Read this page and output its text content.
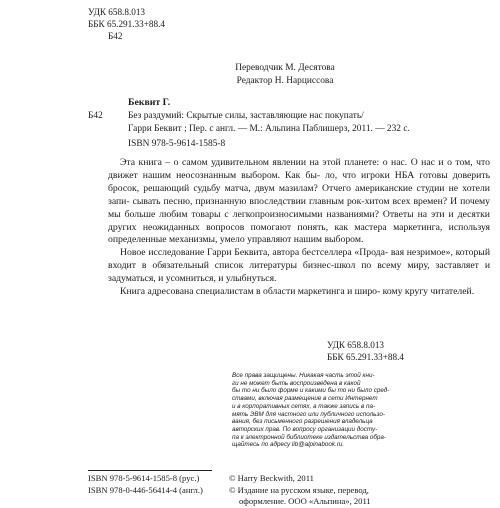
УДК 658.8.013
ББК 65.291.33+88.4
Б42
Переводчик М. Десятова
Редактор Н. Нарциссова
Беквит Г.
Б42	Без раздумий: Скрытые силы, заставляющие нас покупать/
Гарри Беквит ; Пер. с англ. — М.: Альпина Паблишерз, 2011. — 232 с.
ISBN 978-5-9614-1585-8

Эта книга – о самом удивительном явлении на этой планете: о нас. О нас и о том, что движет нашим неосознанным выбором. Как бы- ло, что игроки НБА готовы доверить бросок, решающий судьбу матча, двум мазилам? Отчего американские студии не хотели запи- сывать песню, признанную впоследствии главным рок-хитом всех времен? И почему мы больше любим товары с легкопроизносимыми названиями? Ответы на эти и десятки других неожиданных вопросов помогают понять, как мастера маркетинга, используя определенные механизмы, умело управляют нашим выбором.

Новое исследование Гарри Беквита, автора бестселлера «Прода- вая незримое», который входит в обязательный список литературы бизнес-школ по всему миру, заставляет и задуматься, и усомниться, и улыбнуться.

Книга адресована специалистам в области маркетинга и широ- кому кругу читателей.

УДК 658.8.013
ББК 65.291.33+88.4
Все права защищены. Никакая часть этой кни-
ги не может быть воспроизведена в какой
бы то ни было форме и какими бы то ни было сред-
ствами, включая размещение в сети Интернет
и в корпоративных сетях, а также запись в па-
мять ЭВМ для частного или публичного использо-
вания, без письменного разрешения владельца
авторских прав. По вопросу организации досту-
па к электронной библиотеке издательства обра-
щайтесь по адресу lib@alpinabook.ru.
ISBN 978-5-9614-1585-8 (рус.)
ISBN 978-0-446-56414-4 (англ.)
© Harry Beckwith, 2011
© Издание на русском языке, перевод,
оформление. ООО «Альпина», 2011
